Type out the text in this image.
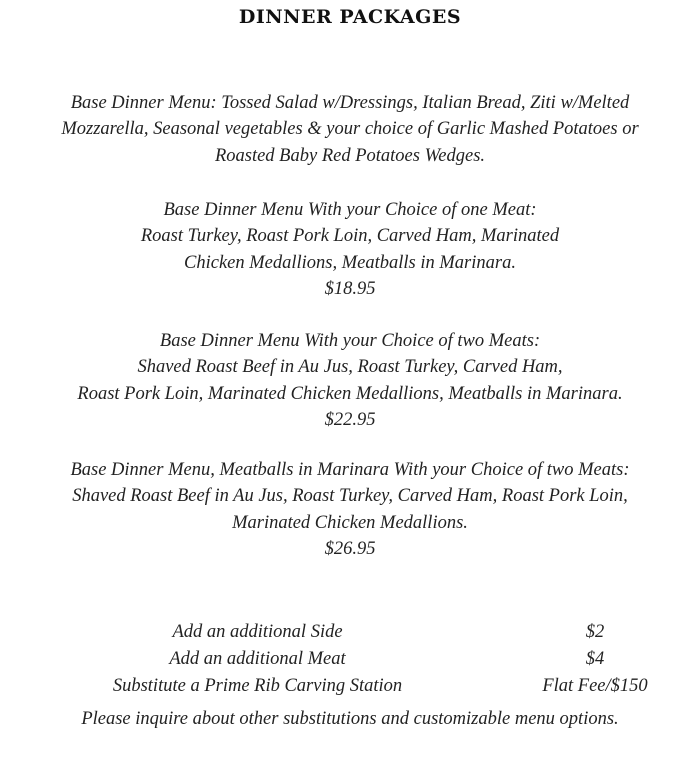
DINNER PACKAGES
Base Dinner Menu: Tossed Salad w/Dressings, Italian Bread, Ziti w/Melted
Mozzarella, Seasonal vegetables & your choice of Garlic Mashed Potatoes or
Roasted Baby Red Potatoes Wedges.
Base Dinner Menu With your Choice of one Meat:
Roast Turkey, Roast Pork Loin, Carved Ham, Marinated
Chicken Medallions, Meatballs in Marinara.
$18.95
Base Dinner Menu With your Choice of two Meats:
Shaved Roast Beef in Au Jus, Roast Turkey, Carved Ham,
Roast Pork Loin, Marinated Chicken Medallions, Meatballs in Marinara.
$22.95
Base Dinner Menu, Meatballs in Marinara With your Choice of two Meats:
Shaved Roast Beef in Au Jus, Roast Turkey, Carved Ham, Roast Pork Loin,
Marinated Chicken Medallions.
$26.95
Add an additional Side	$2
Add an additional Meat	$4
Substitute a Prime Rib Carving Station	Flat Fee/$150
Please inquire about other substitutions and customizable menu options.
